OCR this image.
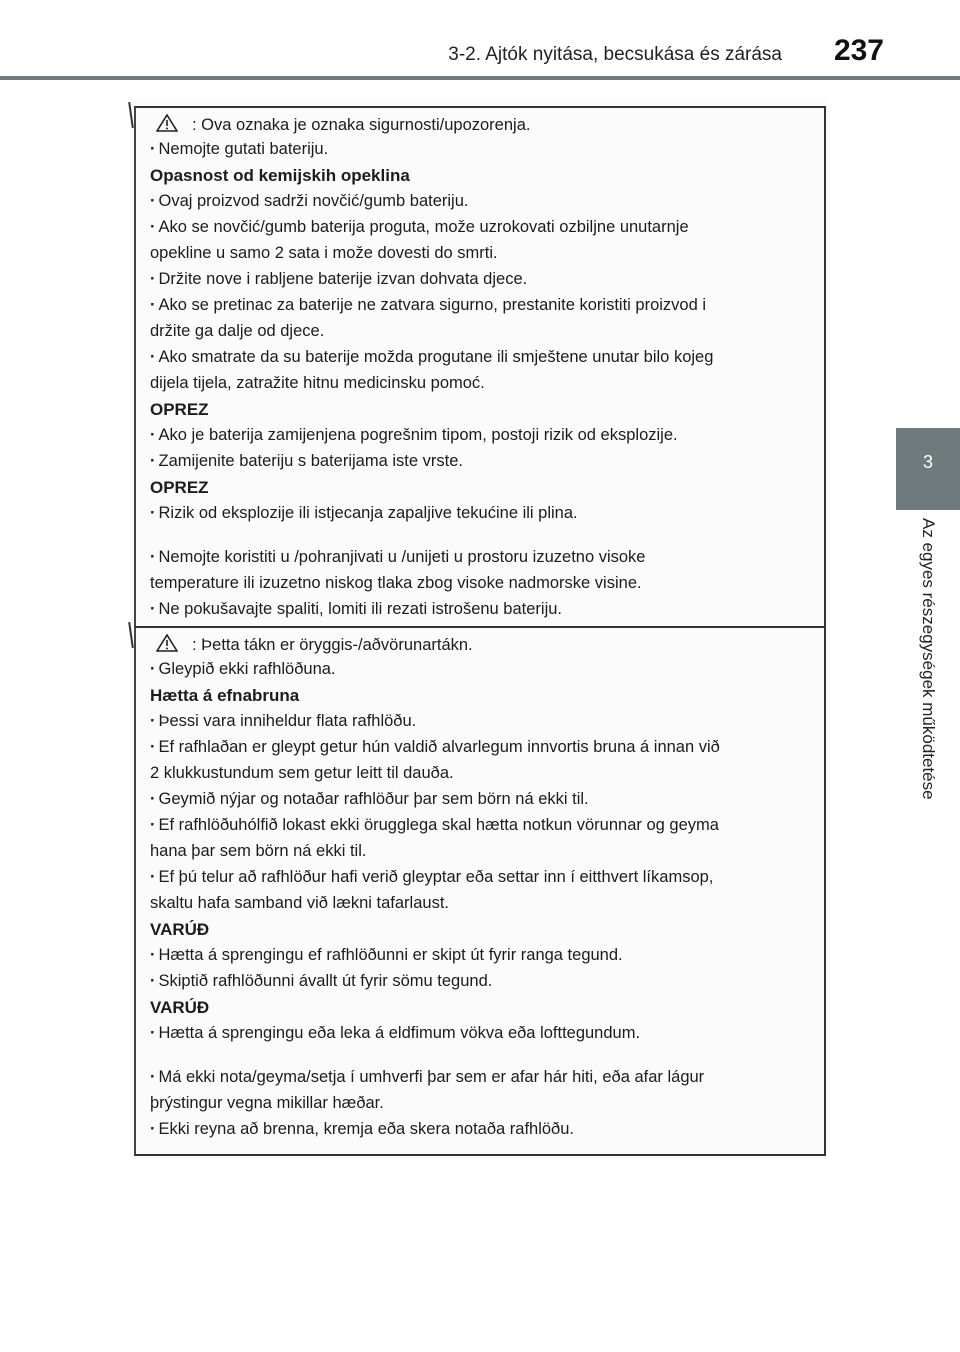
3-2. Ajtók nyitása, becsukása és zárása 237
3
Az egyes részegységek működtetése
: Ova oznaka je oznaka sigurnosti/upozorenja.
· Nemojte gutati bateriju.
Opasnost od kemijskih opeklina
· Ovaj proizvod sadrži novčić/gumb bateriju.
· Ako se novčić/gumb baterija proguta, može uzrokovati ozbiljne unutarnje
opekline u samo 2 sata i može dovesti do smrti.
· Držite nove i rabljene baterije izvan dohvata djece.
· Ako se pretinac za baterije ne zatvara sigurno, prestanite koristiti proizvod i
držite ga dalje od djece.
· Ako smatrate da su baterije možda progutane ili smještene unutar bilo kojeg
dijela tijela, zatražite hitnu medicinsku pomoć.
OPREZ
· Ako je baterija zamijenjena pogrešnim tipom, postoji rizik od eksplozije.
· Zamijenite bateriju s baterijama iste vrste.
OPREZ
· Rizik od eksplozije ili istjecanja zapaljive tekućine ili plina.
· Nemojte koristiti u /pohranjivati u /unijeti u prostoru izuzetno visoke
temperature ili izuzetno niskog tlaka zbog visoke nadmorske visine.
· Ne pokušavajte spaliti, lomiti ili rezati istrošenu bateriju.
: Þetta tákn er öryggis-/aðvörunartákn.
· Gleypið ekki rafhlöðuna.
Hætta á efnabruna
· Þessi vara inniheldur flata rafhlöðu.
· Ef rafhlaðan er gleypt getur hún valdið alvarlegum innvortis bruna á innan við
2 klukkustundum sem getur leitt til dauða.
· Geymið nýjar og notaðar rafhlöður þar sem börn ná ekki til.
· Ef rafhlöðuhólfið lokast ekki örugglega skal hætta notkun vörunnar og geyma
hana þar sem börn ná ekki til.
· Ef þú telur að rafhlöður hafi verið gleyptar eða settar inn í eitthvert líkamsop,
skaltu hafa samband við lækni tafarlaust.
VARÚÐ
· Hætta á sprengingu ef rafhlöðunni er skipt út fyrir ranga tegund.
· Skiptið rafhlöðunni ávallt út fyrir sömu tegund.
VARÚÐ
· Hætta á sprengingu eða leka á eldfimum vökva eða lofttegundum.
· Má ekki nota/geyma/setja í umhverfi þar sem er afar hár hiti, eða afar lágur
þrýstingur vegna mikillar hæðar.
· Ekki reyna að brenna, kremja eða skera notaða rafhlöðu.
